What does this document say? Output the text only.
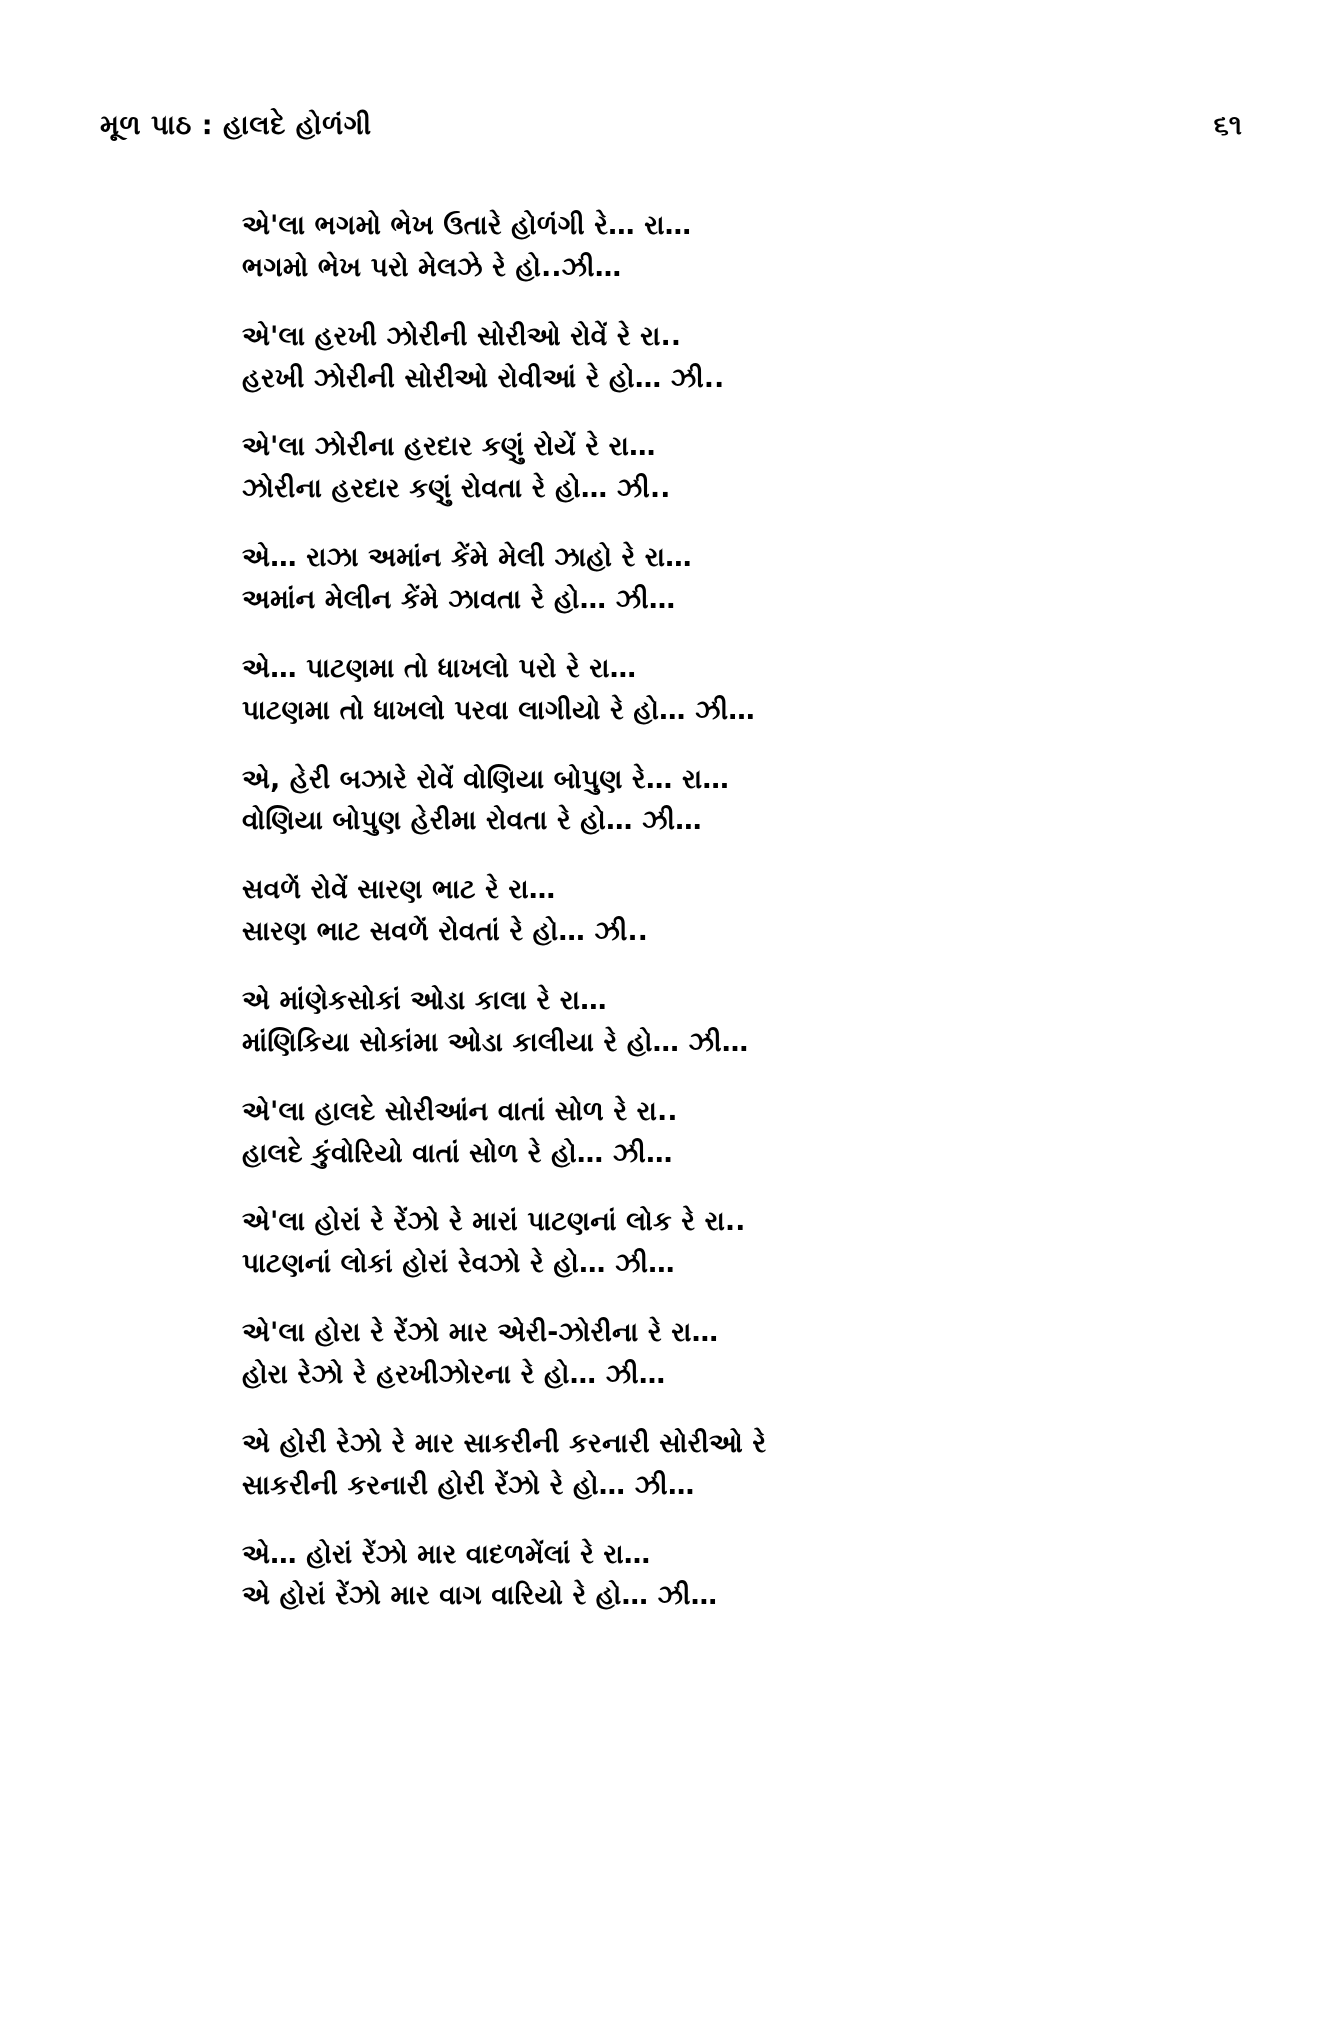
મૂળ પાઠ : હાલદે હોળંગી	૬૧
એ'લા ભગમો ભેખ ઉતારે હોળંગી રે… રા…
ભગમો ભેખ પરો મેલઝે રે હો..ઝી…
એ'લા હરખી ઝોરીની સોરીઓ રોવેં રે રા..
હરખી ઝોરીની સોરીઓ રોવીઆં રે હો… ઝી..
એ'લા ઝોરીના હરદાર કણું રોયેં રે રા…
ઝોરીના હરદાર કણું રોવતા રે હો… ઝી..
એ… રાઝા અમાંન કેંમે મેલી ઝાહો રે રા…
અમાંન મેલીન કેંમે ઝાવતા રે હો… ઝી…
એ… પાટણમા તો ધાખલો પરો રે રા…
પાટણમા તો ધાખલો પરવા લાગીયો રે હો… ઝી…
એ, હેરી બઝારે રોવેં વોણિયા બોપુણ રે… રા…
વોણિયા બોપુણ હેરીમા રોવતા રે હો… ઝી…
સવળેં રોવેં સારણ ભાટ રે રા…
સારણ ભાટ સવળેં રોવતાં રે હો… ઝી..
એ માંણેકસોકાં ઓડા કાલા રે રા…
માંણિકિયા સોકાંમા ઓડા કાલીયા રે હો… ઝી…
એ'લા હાલદે સોરીઆંન વાતાં સોળ રે રા..
હાલદે કુંવોરિયો વાતાં સોળ રે હો… ઝી…
એ'લા હોરાં રે રેંઝો રે મારાં પાટણનાં લોક રે રા..
પાટણનાં લોકાં હોરાં રેવઝો રે હો… ઝી…
એ'લા હોરા રે રેંઝો માર એરી-ઝોરીના રે રા…
હોરા રેઝો રે હરખીઝોરના રે હો… ઝી…
એ હોરી રેઝો રે માર સાકરીની કરનારી સોરીઓ રે
સાકરીની કરનારી હોરી રેંઝો રે હો… ઝી…
એ… હોરાં રેંઝો માર વાદળમેંલાં રે રા…
એ હોરાં રેંઝો માર વાગ વારિયો રે હો… ઝી…
